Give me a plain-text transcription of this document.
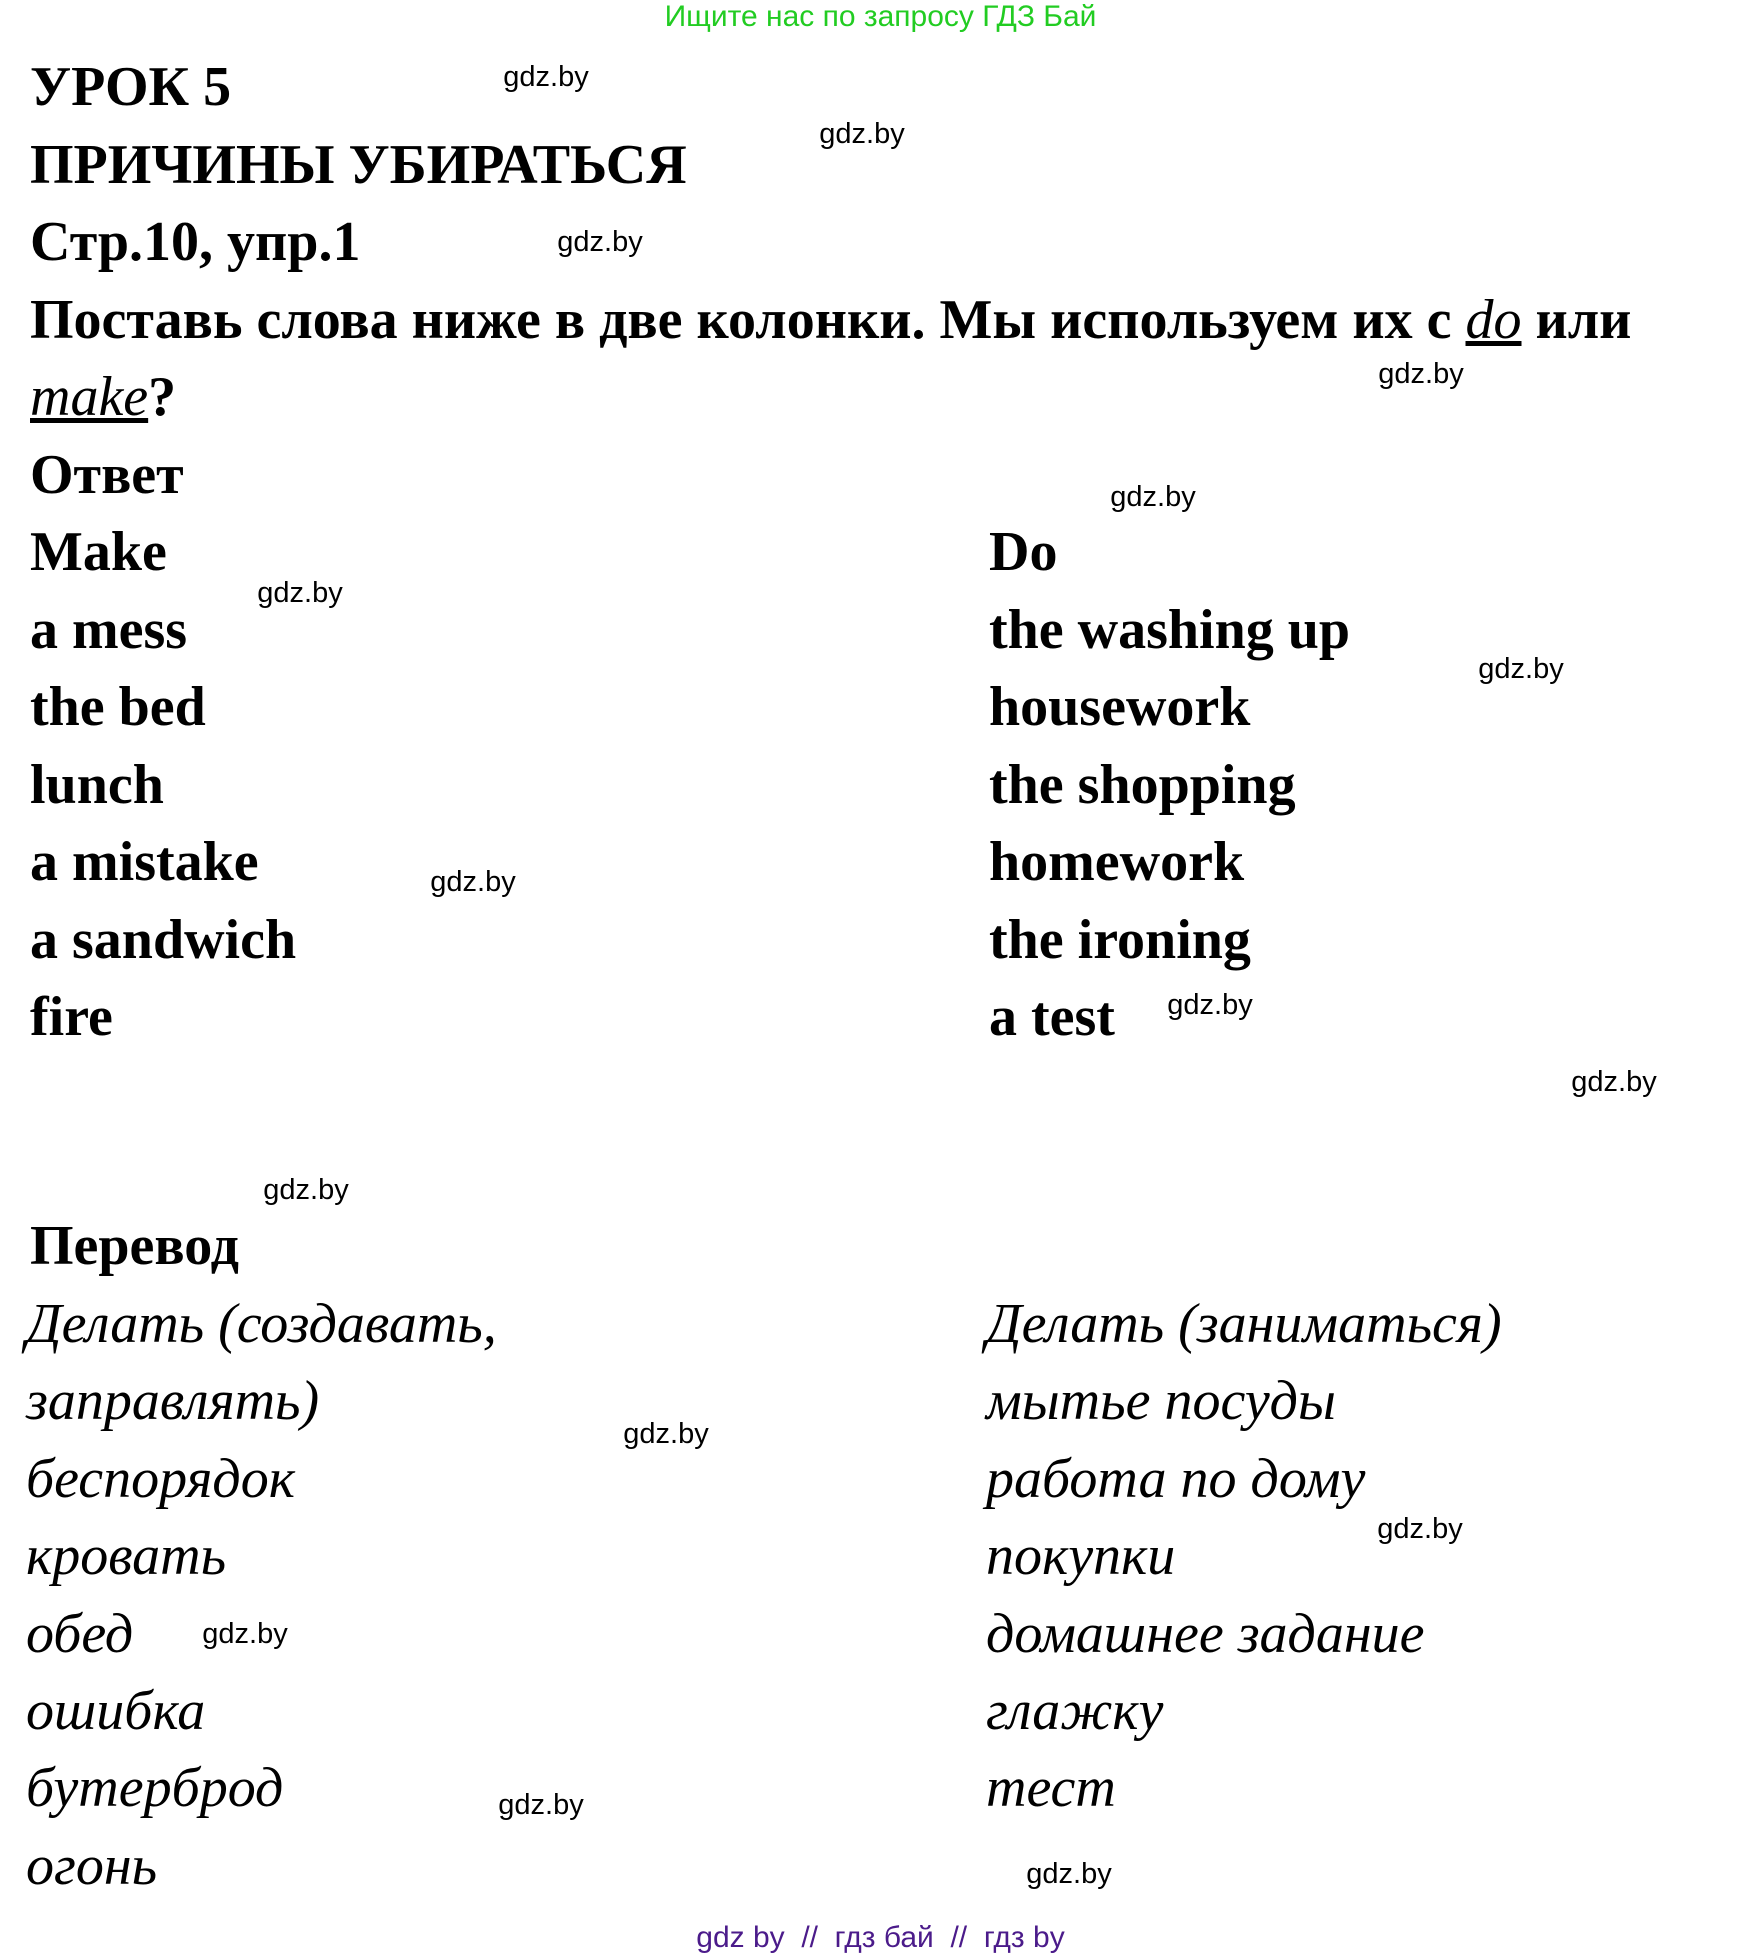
Ищите нас по запросу ГДЗ Бай
УРОК 5
ПРИЧИНЫ УБИРАТЬСЯ
Стр.10, упр.1
Поставь слова ниже в две колонки. Мы используем их с do или
make?
Ответ
Make	Do
a mess
the bed
lunch
a mistake
a sandwich
fire
the washing up
housework
the shopping
homework
the ironing
a test
Перевод
Делать (создавать,
заправлять)
беспорядок
кровать
обед
ошибка
бутерброд
огонь
Делать (заниматься)
мытье посуды
работа по дому
покупки
домашнее задание
глажку
тест
gdz.by
gdz.by
gdz.by
gdz.by
gdz.by
gdz.by
gdz.by
gdz.by
gdz.by
gdz.by
gdz.by
gdz.by
gdz.by
gdz.by
gdz.by
gdz.by
gdz by  //  гдз бай  //  гдз by
